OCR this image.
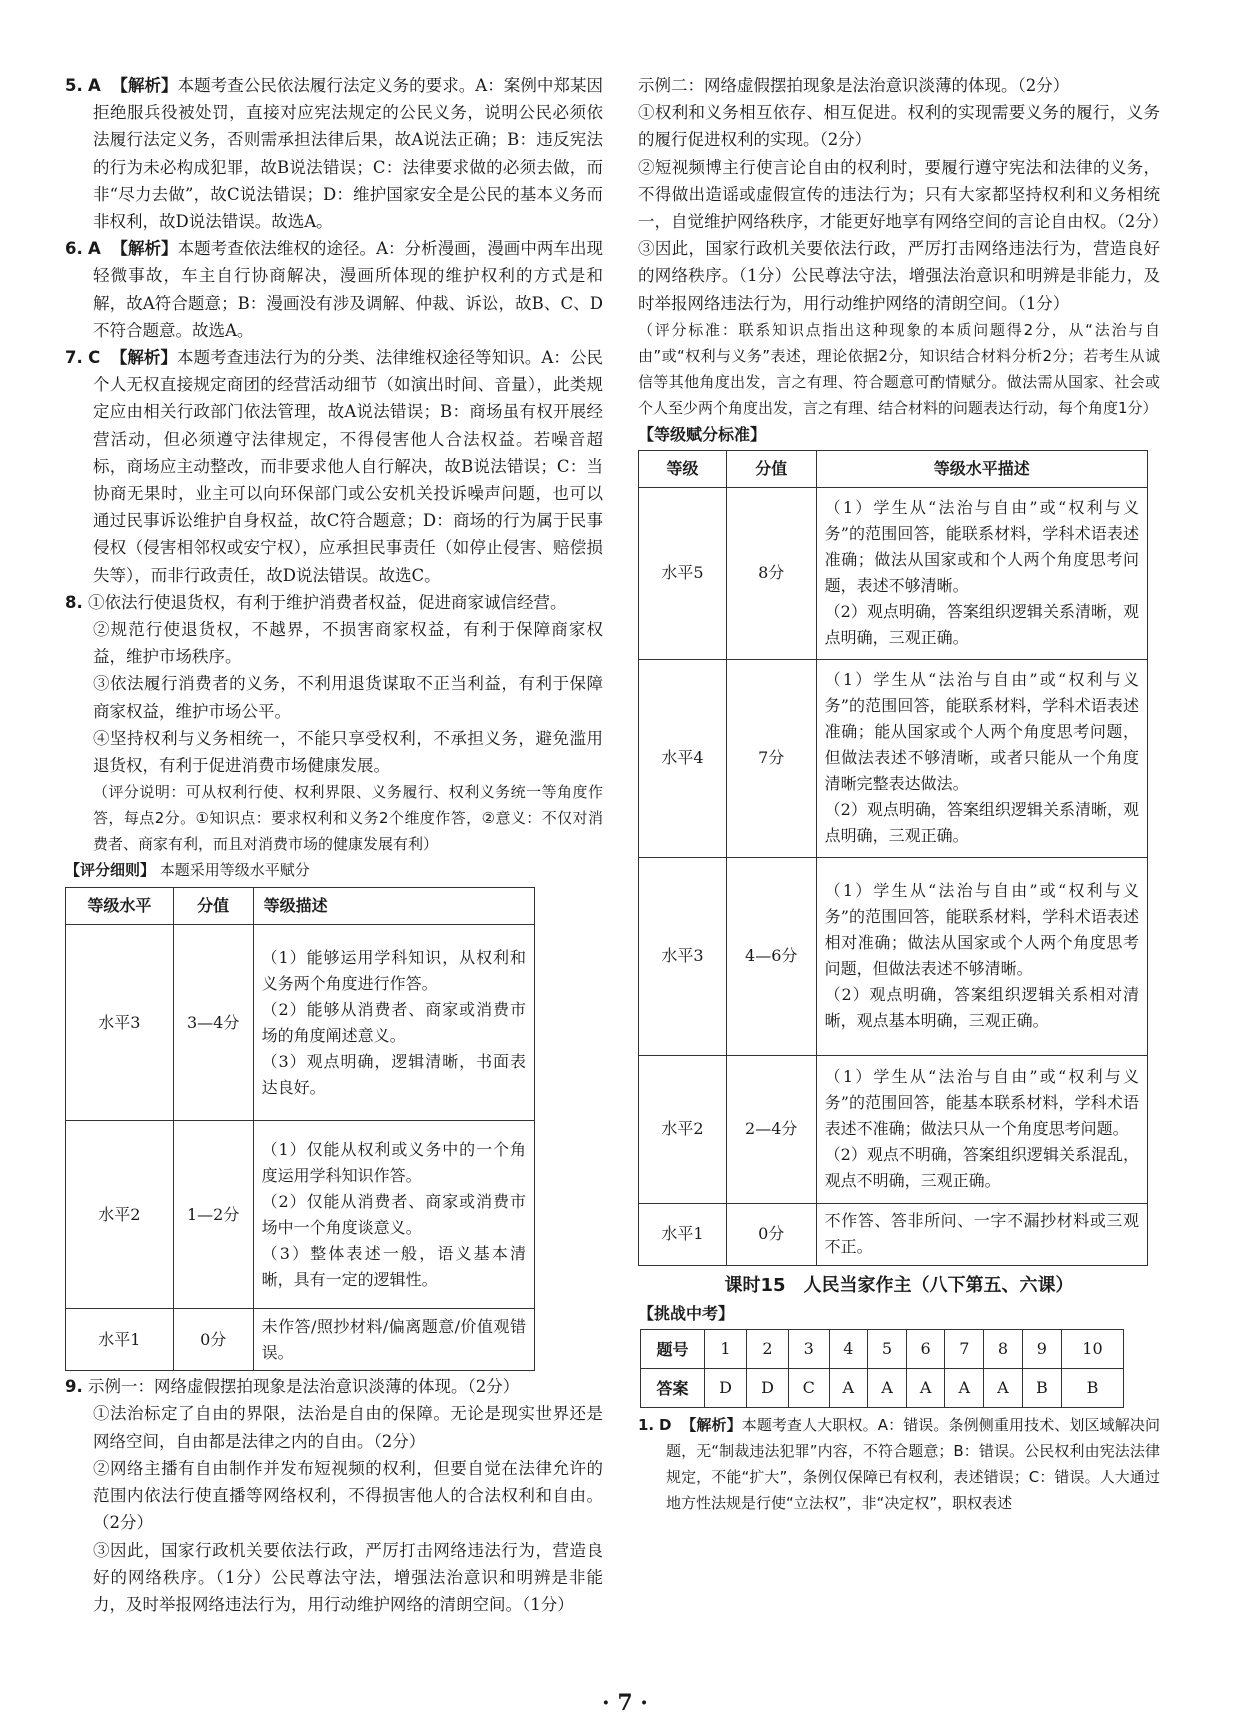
5. A 【解析】本题考查公民依法履行法定义务的要求。A：案例中郑某因拒绝服兵役被处罚，直接对应宪法规定的公民义务，说明公民必须依法履行法定义务，否则需承担法律后果，故A说法正确；B：违反宪法的行为未必构成犯罪，故B说法错误；C：法律要求做的必须去做，而非“尽力去做”，故C说法错误；D：维护国家安全是公民的基本义务而非权利，故D说法错误。故选A。

6. A 【解析】本题考查依法维权的途径。A：分析漫画，漫画中两车出现轻微事故，车主自行协商解决，漫画所体现的维护权利的方式是和解，故A符合题意；B：漫画没有涉及调解、仲裁、诉讼，故B、C、D不符合题意。故选A。

7. C 【解析】本题考查违法行为的分类、法律维权途径等知识。A：公民个人无权直接规定商团的经营活动细节（如演出时间、音量），此类规定应由相关行政部门依法管理，故A说法错误；B：商场虽有权开展经营活动，但必须遵守法律规定，不得侵害他人合法权益。若噪音超标，商场应主动整改，而非要求他人自行解决，故B说法错误；C：当协商无果时，业主可以向环保部门或公安机关投诉噪声问题，也可以通过民事诉讼维护自身权益，故C符合题意；D：商场的行为属于民事侵权（侵害相邻权或安宁权），应承担民事责任（如停止侵害、赔偿损失等），而非行政责任，故D说法错误。故选C。

8. ①依法行使退货权，有利于维护消费者权益，促进商家诚信经营。

②规范行使退货权，不越界，不损害商家权益，有利于保障商家权益，维护市场秩序。

③依法履行消费者的义务，不利用退货谋取不正当利益，有利于保障商家权益，维护市场公平。

④坚持权利与义务相统一，不能只享受权利，不承担义务，避免滥用退货权，有利于促进消费市场健康发展。

（评分说明：可从权利行使、权利界限、义务履行、权利义务统一等角度作答，每点2分。①知识点：要求权利和义务2个维度作答，②意义：不仅对消费者、商家有利，而且对消费市场的健康发展有利）

【评分细则】 本题采用等级水平赋分

等级水平	分值	等级描述
水平3	3—4分	（1）能够运用学科知识，从权利和义务两个角度进行作答。
（2）能够从消费者、商家或消费市场的角度阐述意义。
（3）观点明确，逻辑清晰，书面表达良好。

水平2	1—2分	（1）仅能从权利或义务中的一个角度运用学科知识作答。
（2）仅能从消费者、商家或消费市场中一个角度谈意义。
（3）整体表述一般，语义基本清晰，具有一定的逻辑性。

水平1	0分	未作答/照抄材料/偏离题意/价值观错误。

9. 示例一：网络虚假摆拍现象是法治意识淡薄的体现。（2分）

①法治标定了自由的界限，法治是自由的保障。无论是现实世界还是网络空间，自由都是法律之内的自由。（2分）

②网络主播有自由制作并发布短视频的权利，但要自觉在法律允许的范围内依法行使直播等网络权利，不得损害他人的合法权利和自由。（2分）

③因此，国家行政机关要依法行政，严厉打击网络违法行为，营造良好的网络秩序。（1分）公民尊法守法，增强法治意识和明辨是非能力，及时举报网络违法行为，用行动维护网络的清朗空间。（1分）

示例二：网络虚假摆拍现象是法治意识淡薄的体现。（2分）

①权利和义务相互依存、相互促进。权利的实现需要义务的履行，义务的履行促进权利的实现。（2分）

②短视频博主行使言论自由的权利时，要履行遵守宪法和法律的义务，不得做出造谣或虚假宣传的违法行为；只有大家都坚持权利和义务相统一，自觉维护网络秩序，才能更好地享有网络空间的言论自由权。（2分）

③因此，国家行政机关要依法行政，严厉打击网络违法行为，营造良好的网络秩序。（1分）公民尊法守法，增强法治意识和明辨是非能力，及时举报网络违法行为，用行动维护网络的清朗空间。（1分）

（评分标准：联系知识点指出这种现象的本质问题得2分，从“法治与自由”或“权利与义务”表述，理论依据2分，知识结合材料分析2分；若考生从诚信等其他角度出发，言之有理、符合题意可酌情赋分。做法需从国家、社会或个人至少两个角度出发，言之有理、结合材料的问题表达行动，每个角度1分）

【等级赋分标准】

等级	分值	等级水平描述
水平5	8分	（1）学生从“法治与自由”或“权利与义务”的范围回答，能联系材料，学科术语表述准确；做法从国家或和个人两个角度思考问题，表述不够清晰。
（2）观点明确，答案组织逻辑关系清晰，观点明确，三观正确。

水平4	7分	（1）学生从“法治与自由”或“权利与义务”的范围回答，能联系材料，学科术语表述准确；能从国家或个人两个角度思考问题，但做法表述不够清晰，或者只能从一个角度清晰完整表达做法。
（2）观点明确，答案组织逻辑关系清晰，观点明确，三观正确。

水平3	4—6分	（1）学生从“法治与自由”或“权利与义务”的范围回答，能联系材料，学科术语表述相对准确；做法从国家或个人两个角度思考问题，但做法表述不够清晰。
（2）观点明确，答案组织逻辑关系相对清晰，观点基本明确，三观正确。

水平2	2—4分	（1）学生从“法治与自由”或“权利与义务”的范围回答，能基本联系材料，学科术语表述不准确；做法只从一个角度思考问题。
（2）观点不明确，答案组织逻辑关系混乱，观点不明确，三观正确。

水平1	0分	不作答、答非所问、一字不漏抄材料或三观不正。

课时15　人民当家作主（八下第五、六课）

【挑战中考】

题号	1	2	3	4	5	6	7	8	9	10
答案	D	D	C	A	A	A	A	A	B	B

1. D 【解析】本题考查人大职权。A：错误。条例侧重用技术、划区域解决问题，无“制裁违法犯罪”内容，不符合题意；B：错误。公民权利由宪法法律规定，不能“扩大”，条例仅保障已有权利，表述错误；C：错误。人大通过地方性法规是行使“立法权”，非“决定权”，职权表述

· 7 ·
